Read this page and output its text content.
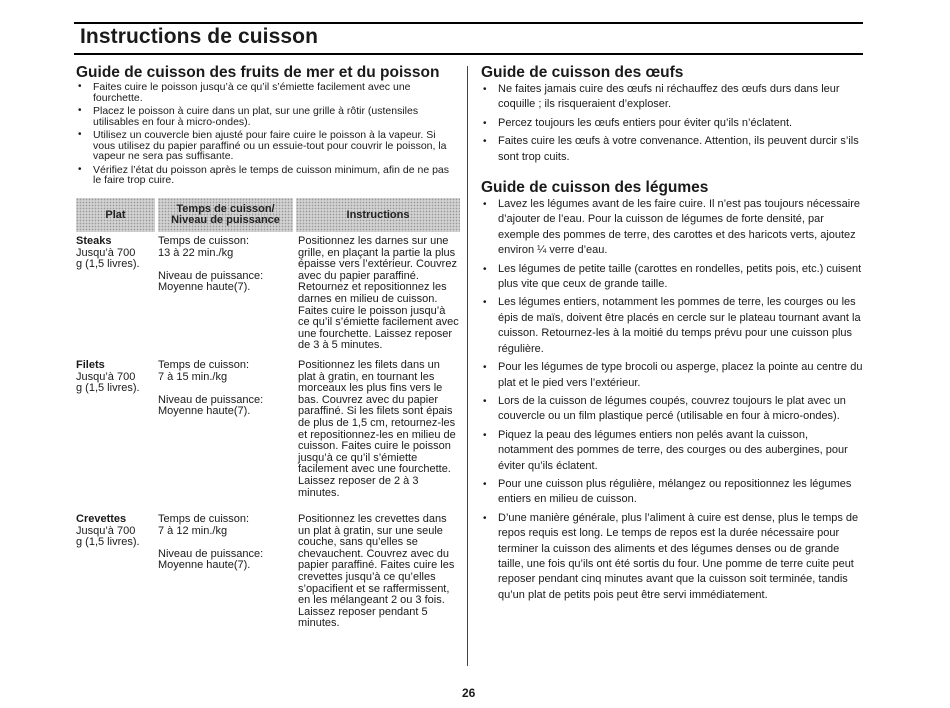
Instructions de cuisson
Guide de cuisson des fruits de mer et du poisson
• Faites cuire le poisson jusqu’à ce qu’il s’émiette facilement avec une fourchette.
• Placez le poisson à cuire dans un plat, sur une grille à rôtir (ustensiles utilisables en four à micro-ondes).
• Utilisez un couvercle bien ajusté pour faire cuire le poisson à la vapeur. Si vous utilisez du papier paraffiné ou un essuie-tout pour couvrir le poisson, la vapeur ne sera pas suffisante.
• Vérifiez l’état du poisson après le temps de cuisson minimum, afin de ne pas le faire trop cuire.
Plat	Temps de cuisson/ Niveau de puissance	Instructions
Steaks
Jusqu’à 700
g (1,5 livres).
Temps de cuisson:
13 à 22 min./kg

Niveau de puissance:
Moyenne haute(7).
Positionnez les darnes sur une grille, en plaçant la partie la plus épaisse vers l’extérieur. Couvrez avec du papier paraffiné. Retournez et repositionnez les darnes en milieu de cuisson. Faites cuire le poisson jusqu’à ce qu’il s’émiette facilement avec une fourchette. Laissez reposer de 3 à 5 minutes.
Filets
Jusqu’à 700
g (1,5 livres).
Temps de cuisson:
7 à 15 min./kg

Niveau de puissance:
Moyenne haute(7).
Positionnez les filets dans un plat à gratin, en tournant les morceaux les plus fins vers le bas. Couvrez avec du papier paraffiné. Si les filets sont épais de plus de 1,5 cm, retournez-les et repositionnez-les en milieu de cuisson. Faites cuire le poisson jusqu’à ce qu’il s’émiette facilement avec une fourchette. Laissez reposer de 2 à 3 minutes.
Crevettes
Jusqu’à 700
g (1,5 livres).
Temps de cuisson:
7 à 12 min./kg

Niveau de puissance:
Moyenne haute(7).
Positionnez les crevettes dans un plat à gratin, sur une seule couche, sans qu’elles se chevauchent. Couvrez avec du papier paraffiné. Faites cuire les crevettes jusqu’à ce qu’elles s’opacifient et se raffermissent, en les mélangeant 2 ou 3 fois. Laissez reposer pendant 5 minutes.
Guide de cuisson des œufs
• Ne faites jamais cuire des œufs ni réchauffez des œufs durs dans leur coquille ; ils risqueraient d’exploser.
• Percez toujours les œufs entiers pour éviter qu’ils n’éclatent.
• Faites cuire les œufs à votre convenance. Attention, ils peuvent durcir s’ils sont trop cuits.
Guide de cuisson des légumes
• Lavez les légumes avant de les faire cuire. Il n’est pas toujours nécessaire d’ajouter de l’eau. Pour la cuisson de légumes de forte densité, par exemple des pommes de terre, des carottes et des haricots verts, ajoutez environ ¼ verre d’eau.
• Les légumes de petite taille (carottes en rondelles, petits pois, etc.) cuisent plus vite que ceux de grande taille.
• Les légumes entiers, notamment les pommes de terre, les courges ou les épis de maïs, doivent être placés en cercle sur le plateau tournant avant la cuisson. Retournez-les à la moitié du temps prévu pour une cuisson plus régulière.
• Pour les légumes de type brocoli ou asperge, placez la pointe au centre du plat et le pied vers l’extérieur.
• Lors de la cuisson de légumes coupés, couvrez toujours le plat avec un couvercle ou un film plastique percé (utilisable en four à micro-ondes).
• Piquez la peau des légumes entiers non pelés avant la cuisson, notamment des pommes de terre, des courges ou des aubergines, pour éviter qu’ils éclatent.
• Pour une cuisson plus régulière, mélangez ou repositionnez les légumes entiers en milieu de cuisson.
• D’une manière générale, plus l’aliment à cuire est dense, plus le temps de repos requis est long. Le temps de repos est la durée nécessaire pour terminer la cuisson des aliments et des légumes denses ou de grande taille, une fois qu’ils ont été sortis du four. Une pomme de terre cuite peut reposer pendant cinq minutes avant que la cuisson soit terminée, tandis qu’un plat de petits pois peut être servi immédiatement.
26
